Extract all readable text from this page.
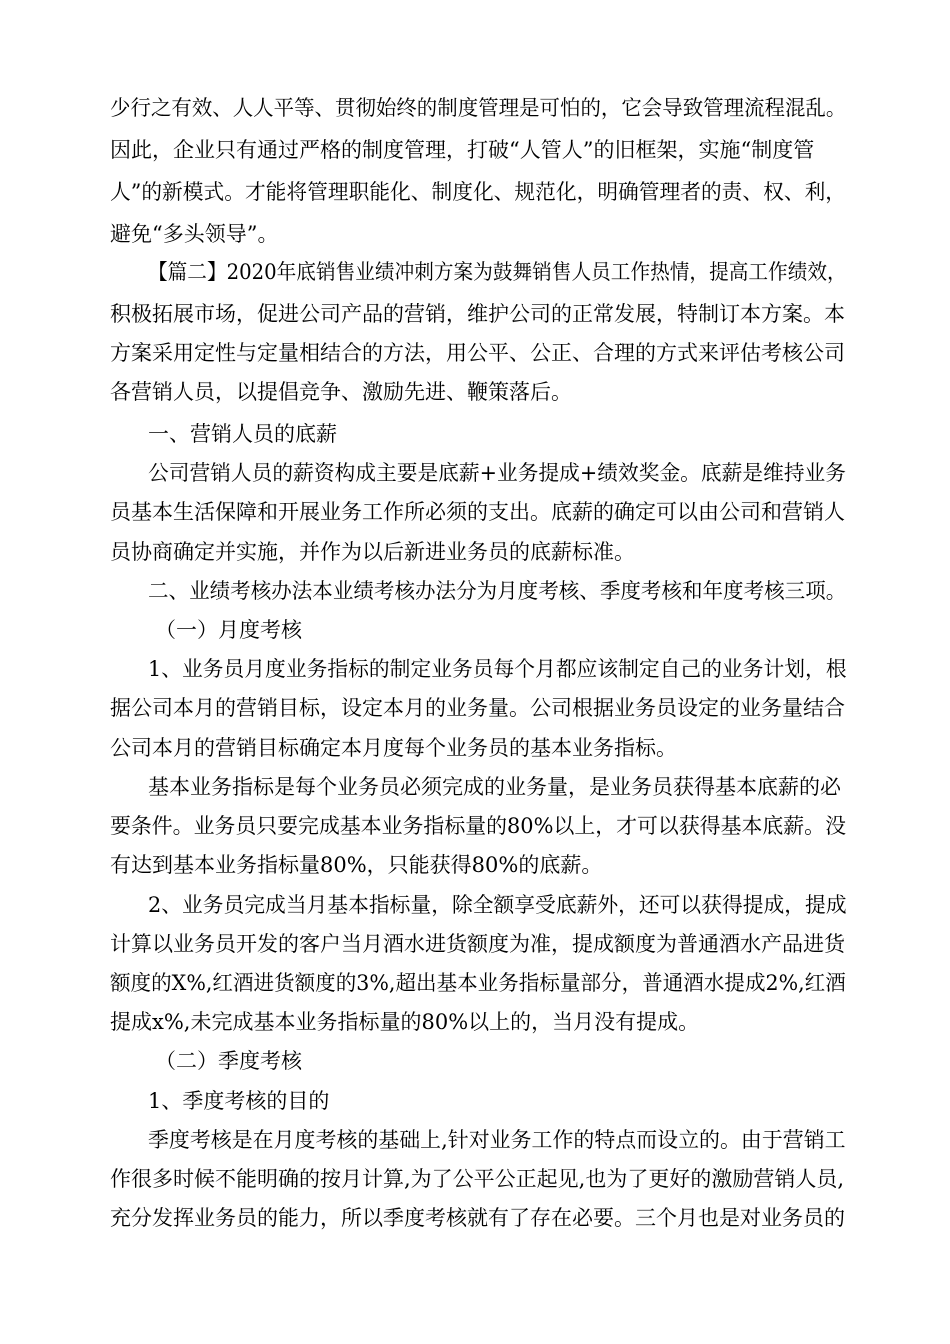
少行之有效、人人平等、贯彻始终的制度管理是可怕的，它会导致管理流程混乱。
因此，企业只有通过严格的制度管理，打破“人管人”的旧框架，实施“制度管
人”的新模式。才能将管理职能化、制度化、规范化，明确管理者的责、权、利，
避免“多头领导”。
【篇二】2020年底销售业绩冲刺方案为鼓舞销售人员工作热情，提高工作绩效，
积极拓展市场，促进公司产品的营销，维护公司的正常发展，特制订本方案。本
方案采用定性与定量相结合的方法，用公平、公正、合理的方式来评估考核公司
各营销人员，以提倡竞争、激励先进、鞭策落后。
一、营销人员的底薪
公司营销人员的薪资构成主要是底薪+业务提成+绩效奖金。底薪是维持业务
员基本生活保障和开展业务工作所必须的支出。底薪的确定可以由公司和营销人
员协商确定并实施，并作为以后新进业务员的底薪标准。
二、业绩考核办法本业绩考核办法分为月度考核、季度考核和年度考核三项。
（一）月度考核
1、业务员月度业务指标的制定业务员每个月都应该制定自己的业务计划，根
据公司本月的营销目标，设定本月的业务量。公司根据业务员设定的业务量结合
公司本月的营销目标确定本月度每个业务员的基本业务指标。
基本业务指标是每个业务员必须完成的业务量，是业务员获得基本底薪的必
要条件。业务员只要完成基本业务指标量的80%以上，才可以获得基本底薪。没
有达到基本业务指标量80%，只能获得80%的底薪。
2、业务员完成当月基本指标量，除全额享受底薪外，还可以获得提成，提成
计算以业务员开发的客户当月酒水进货额度为准，提成额度为普通酒水产品进货
额度的X%,红酒进货额度的3%,超出基本业务指标量部分，普通酒水提成2%,红酒
提成x%,未完成基本业务指标量的80%以上的，当月没有提成。
（二）季度考核
1、季度考核的目的
季度考核是在月度考核的基础上,针对业务工作的特点而设立的。由于营销工
作很多时候不能明确的按月计算,为了公平公正起见,也为了更好的激励营销人员,
充分发挥业务员的能力，所以季度考核就有了存在必要。三个月也是对业务员的
